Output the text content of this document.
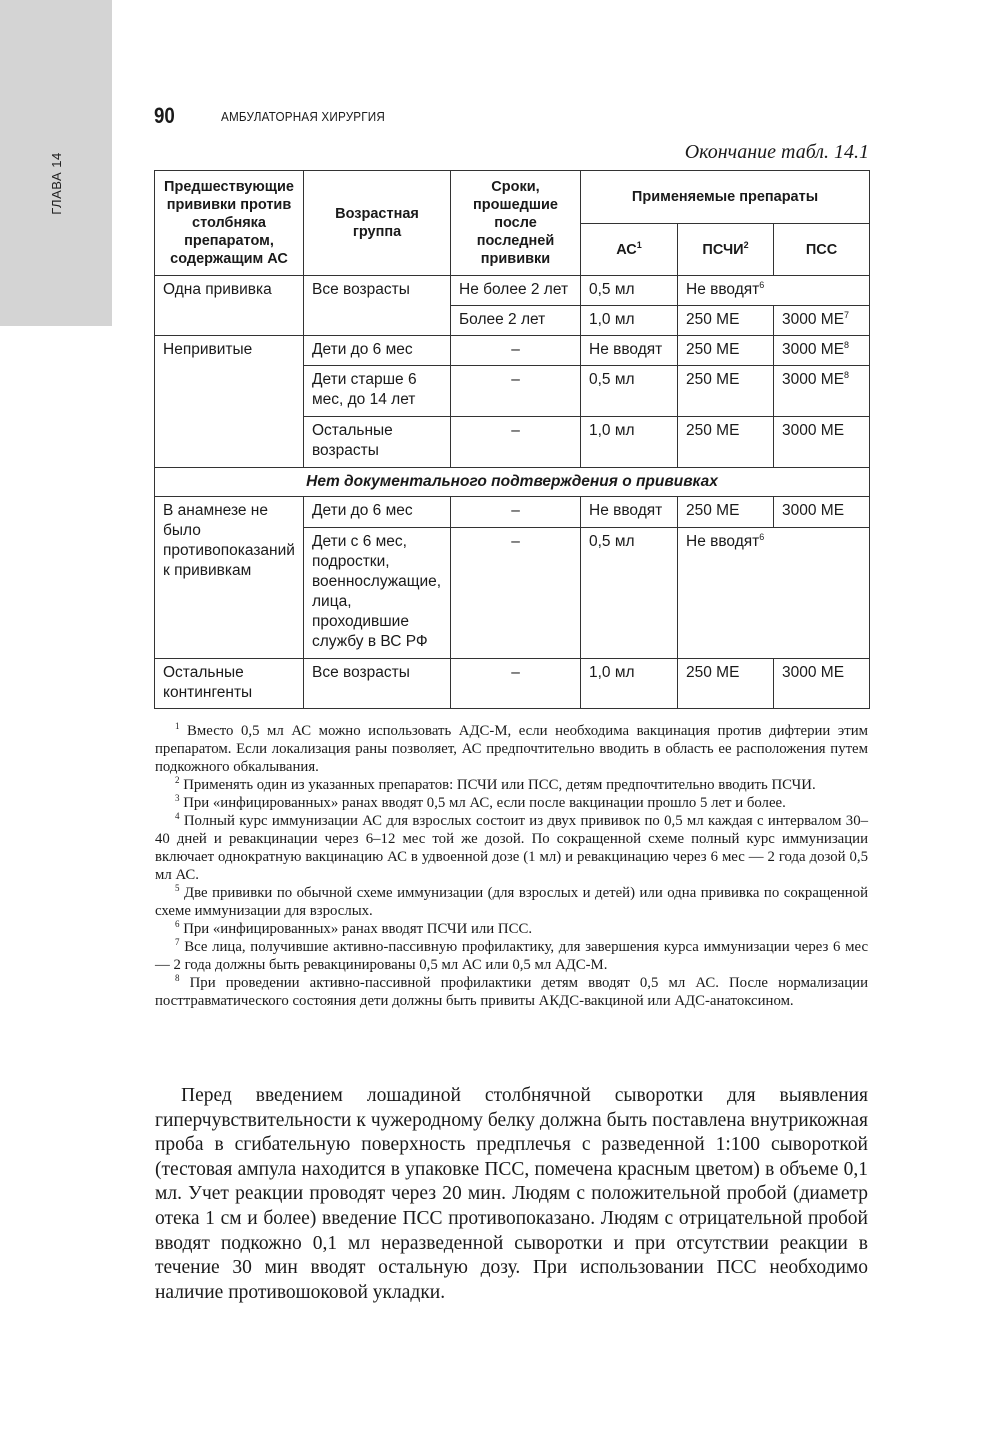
ГЛАВА 14
90	АМБУЛАТОРНАЯ ХИРУРГИЯ
Окончание табл. 14.1
Предшествующие прививки против столбняка препаратом, содержащим АС	Возрастная группа	Сроки, прошедшие после последней прививки	Применяемые препараты		
			$АС^1$	ПСЧИ$^2$	ПСС
Одна прививка	Все возрасты	Не более 2 лет	0,5 мл	Не вводят$^6$
		Более 2 лет	1,0 мл	250 МЕ	3000 $МЕ^7$
Непривитые	Дети до 6 мес	–	Не вводят	250 МЕ	3000 $МЕ^8$
	Дети старше 6 мес, до 14 лет	–	0,5 мл	250 МЕ	3000 $МЕ^8$
	Остальные возрасты	–	1,0 мл	250 МЕ	3000 МЕ
Нет документального подтверждения о прививках					
В анамнезе не было противопоказаний к прививкам	Дети до 6 мес	–	Не вводят	250 МЕ	3000 МЕ
	Дети с 6 мес, подростки, военнослужащие, лица, проходившие службу в ВС РФ	–	0,5 мл	Не вводят$^6$
Остальные контингенты	Все возрасты	–	1,0 мл	250 МЕ	3000 МЕ

$^1$ Вместо 0,5 мл АС можно использовать АДС-М, если необходима вакцинация против дифтерии этим препаратом. Если локализация раны позволяет, АС предпочтительно вводить в область ее расположения путем подкожного обкалывания.

$^2$ Применять один из указанных препаратов: ПСЧИ или ПСС, детям предпочтительно вводить ПСЧИ.

$^3$ При «инфицированных» ранах вводят 0,5 мл АС, если после вакцинации прошло 5 лет и более.

$^4$ Полный курс иммунизации АС для взрослых состоит из двух прививок по 0,5 мл каждая с интервалом 30–40 дней и ревакцинации через 6–12 мес той же дозой. По сокращенной схеме полный курс иммунизации включает однократную вакцинацию АС в удвоенной дозе (1 мл) и ревакцинацию через 6 мес — 2 года дозой 0,5 мл АС.

$^5$ Две прививки по обычной схеме иммунизации (для взрослых и детей) или одна прививка по сокращенной схеме иммунизации для взрослых.

$^6$ При «инфицированных» ранах вводят ПСЧИ или ПСС.

$^7$ Все лица, получившие активно-пассивную профилактику, для завершения курса иммунизации через 6 мес — 2 года должны быть ревакцинированы 0,5 мл АС или 0,5 мл АДС-М.

$^8$ При проведении активно-пассивной профилактики детям вводят 0,5 мл АС. После нормализации посттравматического состояния дети должны быть привиты АКДС-вакциной или АДС-анатоксином.

Перед введением лошадиной столбнячной сыворотки для выявления гиперчувствительности к чужеродному белку должна быть поставлена внутрикожная проба в сгибательную поверхность предплечья с разведенной 1:100 сывороткой (тестовая ампула находится в упаковке ПСС, помечена красным цветом) в объеме 0,1 мл. Учет реакции проводят через 20 мин. Людям с положительной пробой (диаметр отека 1 см и более) введение ПСС противопоказано. Людям с отрицательной пробой вводят подкожно 0,1 мл неразведенной сыворотки и при отсутствии реакции в течение 30 мин вводят остальную дозу. При использовании ПСС необходимо наличие противошоковой укладки.
